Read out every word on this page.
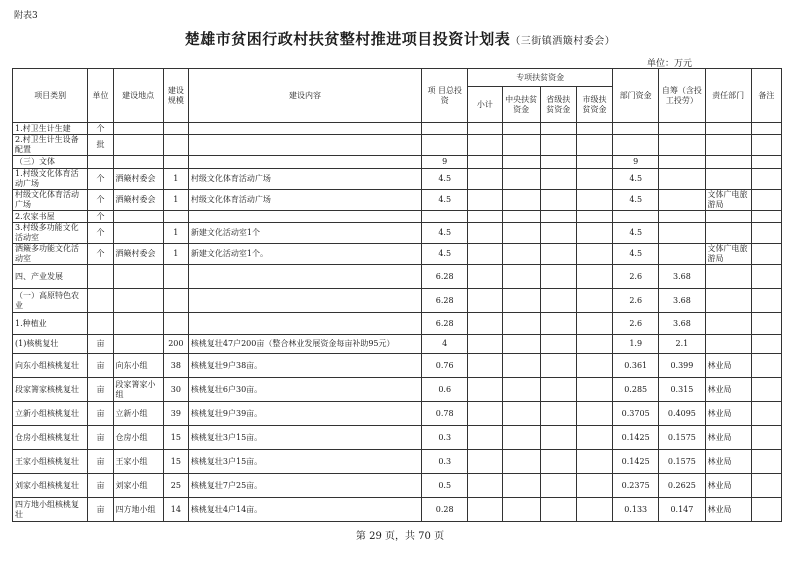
附表3
楚雄市贫困行政村扶贫整村推进项目投资计划表（三街镇洒簸村委会）
单位：万元
项目类别	单位	建设地点	建设规模	建设内容	项 目总投资	专项扶贫资金				部门资金	自筹（含投工投劳）	责任部门	备注
						小计	中央扶贫资金	省级扶贫资金	市级扶贫资金				
1.村卫生计生建	个												
2.村卫生计生设备配置	批												
（三）文体					9					9			
1.村级文化体育活动广场	个	洒簸村委会	1	村级文化体育活动广场	4.5					4.5			
村级文化体育活动广场	个	洒簸村委会	1	村级文化体育活动广场	4.5					4.5		文体广电旅游局	
2.农家书屋	个												
3.村级多功能文化活动室	个		1	新建文化活动室1个	4.5					4.5			
洒簸多功能文化活动室	个	洒簸村委会	1	新建文化活动室1个。	4.5					4.5		文体广电旅游局	
四、产业发展					6.28					2.6	3.68		
（一）高原特色农业					6.28					2.6	3.68		
1.种植业					6.28					2.6	3.68		
(1)核桃复壮	亩		200	核桃复壮47户200亩（整合林业发展资金每亩补助95元）	4					1.9	2.1		
向东小组核桃复壮	亩	向东小组	38	核桃复壮9户38亩。	0.76					0.361	0.399	林业局	
段家箐家核桃复壮	亩	段家箐家小组	30	核桃复壮6户30亩。	0.6					0.285	0.315	林业局	
立新小组核桃复壮	亩	立新小组	39	核桃复壮9户39亩。	0.78					0.3705	0.4095	林业局	
仓房小组核桃复壮	亩	仓房小组	15	核桃复壮3户15亩。	0.3					0.1425	0.1575	林业局	
王家小组核桃复壮	亩	王家小组	15	核桃复壮3户15亩。	0.3					0.1425	0.1575	林业局	
刘家小组核桃复壮	亩	刘家小组	25	核桃复壮7户25亩。	0.5					0.2375	0.2625	林业局	
四方地小组核桃复壮	亩	四方地小组	14	核桃复壮4户14亩。	0.28					0.133	0.147	林业局	
第 29 页，共 70 页
